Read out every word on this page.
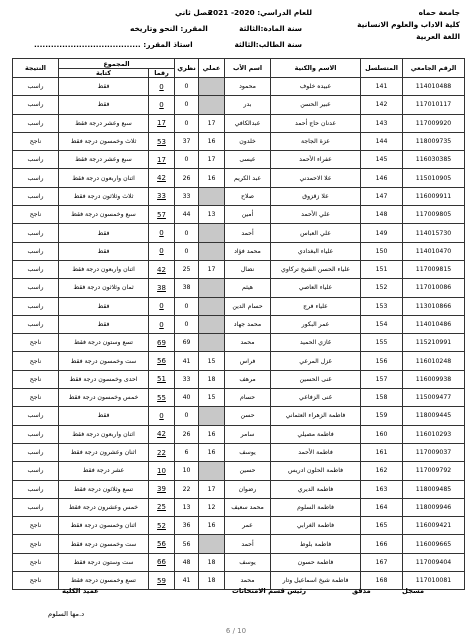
جامعة حماه
كلية الاداب والعلوم الانسانية
اللغة العربية
للعام الدراسي: 2020- 2021
فصل ثاني
سنة المادة:الثالثة
المقرر: النحو وتاريخه
سنة الطالب:الثالثة
استاذ المقرر: ......................................
الرقم الجامعي	المتسلسل	الاسم والكنية	اسم الأب	عملي	نظري	المجموع		النتيجة
						رقما	كتابة	
114010488	141	عبيده خلوف	محمود		0	0	فقط	راسب
117010117	142	عبير الحسن	بدر		0	0	فقط	راسب
117009920	143	عدنان حاج أحمد	عبدالكافي	17	0	17	سبع وعشر درجة فقط	راسب
118009735	144	عزة الجاجة	خلدون	16	37	53	ثلاث وخمسون درجة فقط	ناجح
116030385	145	عفراء الأحمد	عيسى	17	0	17	سبع وعشر درجة فقط	راسب
115010905	146	علا الاحمدني	عبد الكريم	16	26	42	اثنان واربعون درجة فقط	راسب
116009911	147	علا زقزوق	صلاح		33	33	ثلاث وثلاثون درجة فقط	راسب
117009805	148	علي الأحمد	أمين	13	44	57	سبع وخمسون درجة فقط	ناجح
114015730	149	علي العباس	أحمد		0	0	فقط	راسب
114010470	150	علياء البغدادي	محمد فؤاد		0	0	فقط	راسب
117009815	151	علياء الحسن الشيخ تركاوي	نضال	17	25	42	اثنان واربعون درجة فقط	راسب
117010086	152	علياء العاصي	هيثم		38	38	ثمان وثلاثون درجة فقط	راسب
113010866	153	علياء فرج	حسام الدين		0	0	فقط	راسب
114010486	154	عمر البكور	محمد جهاد		0	0	فقط	راسب
115210991	155	غازي الحميد	محمد		69	69	تسع وستون درجة فقط	ناجح
116010248	156	غزل المرعي	فراس	15	41	56	ست وخمسون درجة فقط	ناجح
116009938	157	غنى الحسين	مرهف	18	33	51	احدى وخمسون درجة فقط	ناجح
115009477	158	غنى الزفاعي	حسام	15	40	55	خمس وخمسون درجة فقط	ناجح
118009445	159	فاطمة الزهراء العثماني	حسن		0	0	فقط	راسب
116010293	160	فاطمة مصيلي	سامر	16	26	42	اثنان واربعون درجة فقط	راسب
117009037	161	فاطمة الأحمد	يوسف	16	6	22	اثنان وعشرون درجة فقط	راسب
117009792	162	فاطمة الحلون ادريس	حسين		10	10	عشر درجة فقط	راسب
118009485	163	فاطمة الديري	رضوان	17	22	39	تسع وثلاثون درجة فقط	راسب
118009946	164	فاطمة السلوم	محمد سعيف	12	13	25	خمس وعشرون درجة فقط	راسب
116009421	165	فاطمة الغرابي	عمر	16	36	52	اثنان وخمسون درجة فقط	ناجح
116009665	166	فاطمة بلوط	أحمد		56	56	ست وخمسون درجة فقط	ناجح
117009404	167	فاطمة حسون	يوسف	18	48	66	ست وستون درجة فقط	ناجح
117010081	168	فاطمة شيخ اسماعيل وتار	محمد	18	41	59	تسع وخمسون درجة فقط	ناجح
مسجل
مدقق
رئيس قسم الامتحانات
عميد الكلية
د.مها السلوم
6 / 10
